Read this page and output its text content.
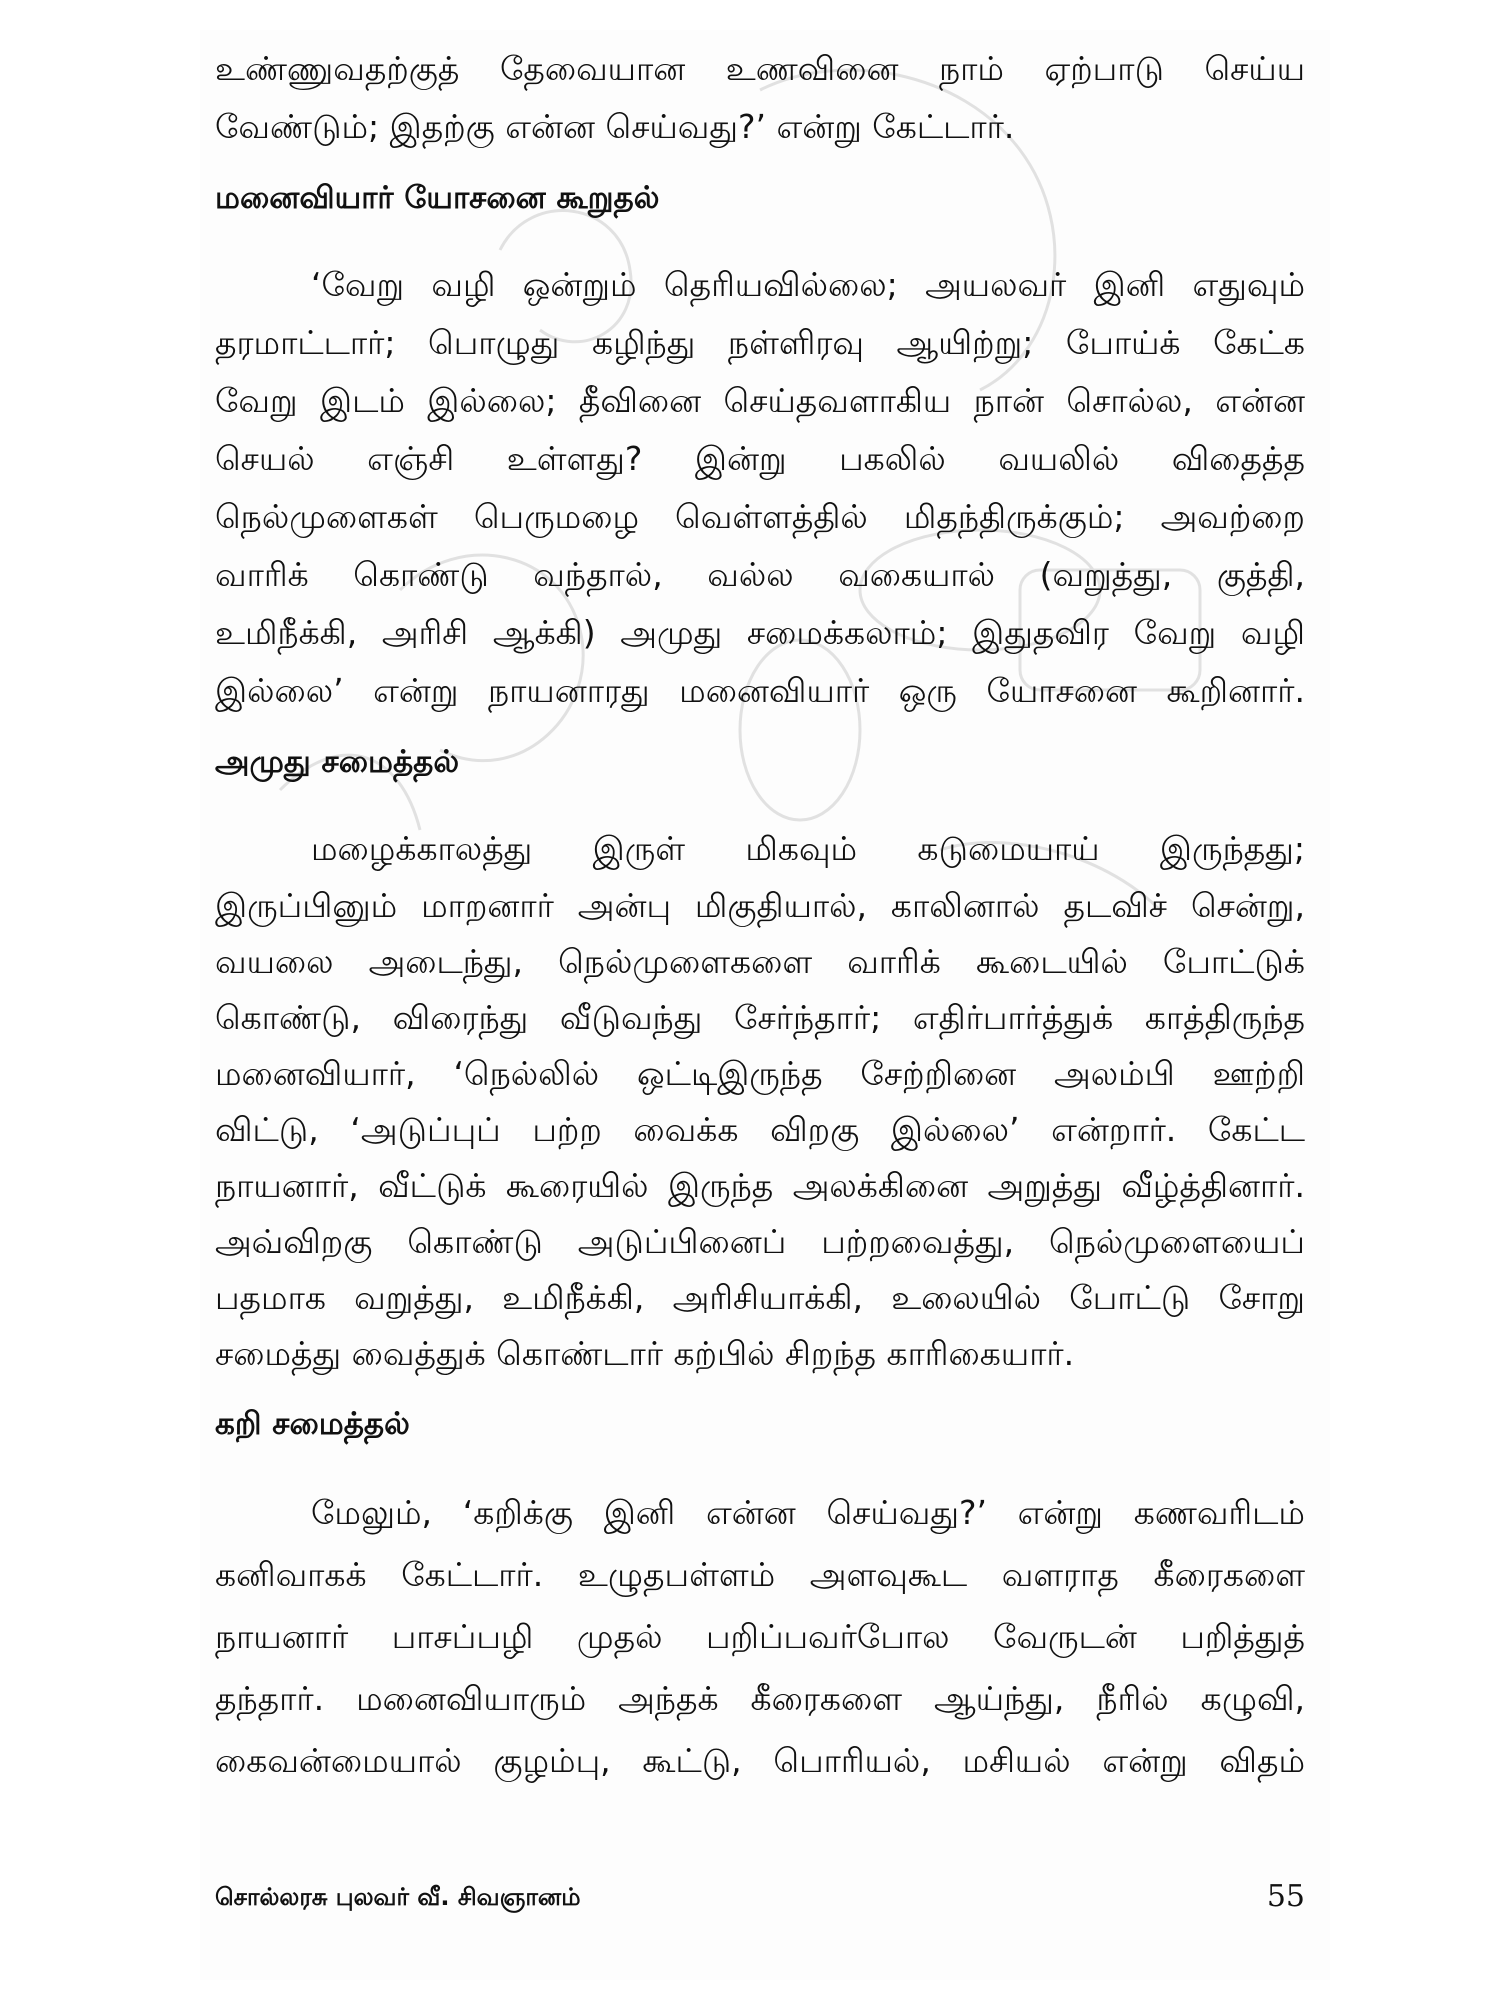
உண்ணுவதற்குத் தேவையான உணவினை நாம் ஏற்பாடு செய்ய

வேண்டும்; இதற்கு என்ன செய்வது?’ என்று கேட்டார்.

மனைவியார் யோசனை கூறுதல்

‘வேறு வழி ஒன்றும் தெரியவில்லை; அயலவர் இனி எதுவும்

தரமாட்டார்; பொழுது கழிந்து நள்ளிரவு ஆயிற்று; போய்க் கேட்க

வேறு இடம் இல்லை; தீவினை செய்தவளாகிய நான் சொல்ல, என்ன

செயல் எஞ்சி உள்ளது? இன்று பகலில் வயலில் விதைத்த

நெல்முளைகள் பெருமழை வெள்ளத்தில் மிதந்திருக்கும்; அவற்றை

வாரிக் கொண்டு வந்தால், வல்ல வகையால் (வறுத்து, குத்தி,

உமிநீக்கி, அரிசி ஆக்கி) அமுது சமைக்கலாம்; இதுதவிர வேறு வழி

இல்லை’ என்று நாயனாரது மனைவியார் ஒரு யோசனை கூறினார்.

அமுது சமைத்தல்

மழைக்காலத்து இருள் மிகவும் கடுமையாய் இருந்தது;

இருப்பினும் மாறனார் அன்பு மிகுதியால், காலினால் தடவிச் சென்று,

வயலை அடைந்து, நெல்முளைகளை வாரிக் கூடையில் போட்டுக்

கொண்டு, விரைந்து வீடுவந்து சேர்ந்தார்; எதிர்பார்த்துக் காத்திருந்த

மனைவியார், ‘நெல்லில் ஒட்டிஇருந்த சேற்றினை அலம்பி ஊற்றி

விட்டு, ‘அடுப்புப் பற்ற வைக்க விறகு இல்லை’ என்றார். கேட்ட

நாயனார், வீட்டுக் கூரையில் இருந்த அலக்கினை அறுத்து வீழ்த்தினார்.

அவ்விறகு கொண்டு அடுப்பினைப் பற்றவைத்து, நெல்முளையைப்

பதமாக வறுத்து, உமிநீக்கி, அரிசியாக்கி, உலையில் போட்டு சோறு

சமைத்து வைத்துக் கொண்டார் கற்பில் சிறந்த காரிகையார்.

கறி சமைத்தல்

மேலும், ‘கறிக்கு இனி என்ன செய்வது?’ என்று கணவரிடம்

கனிவாகக் கேட்டார். உழுதபள்ளம் அளவுகூட வளராத கீரைகளை

நாயனார் பாசப்பழி முதல் பறிப்பவர்போல வேருடன் பறித்துத்

தந்தார். மனைவியாரும் அந்தக் கீரைகளை ஆய்ந்து, நீரில் கழுவி,

கைவன்மையால் குழம்பு, கூட்டு, பொரியல், மசியல் என்று விதம்

சொல்லரசு புலவர் வீ. சிவஞானம்	55
